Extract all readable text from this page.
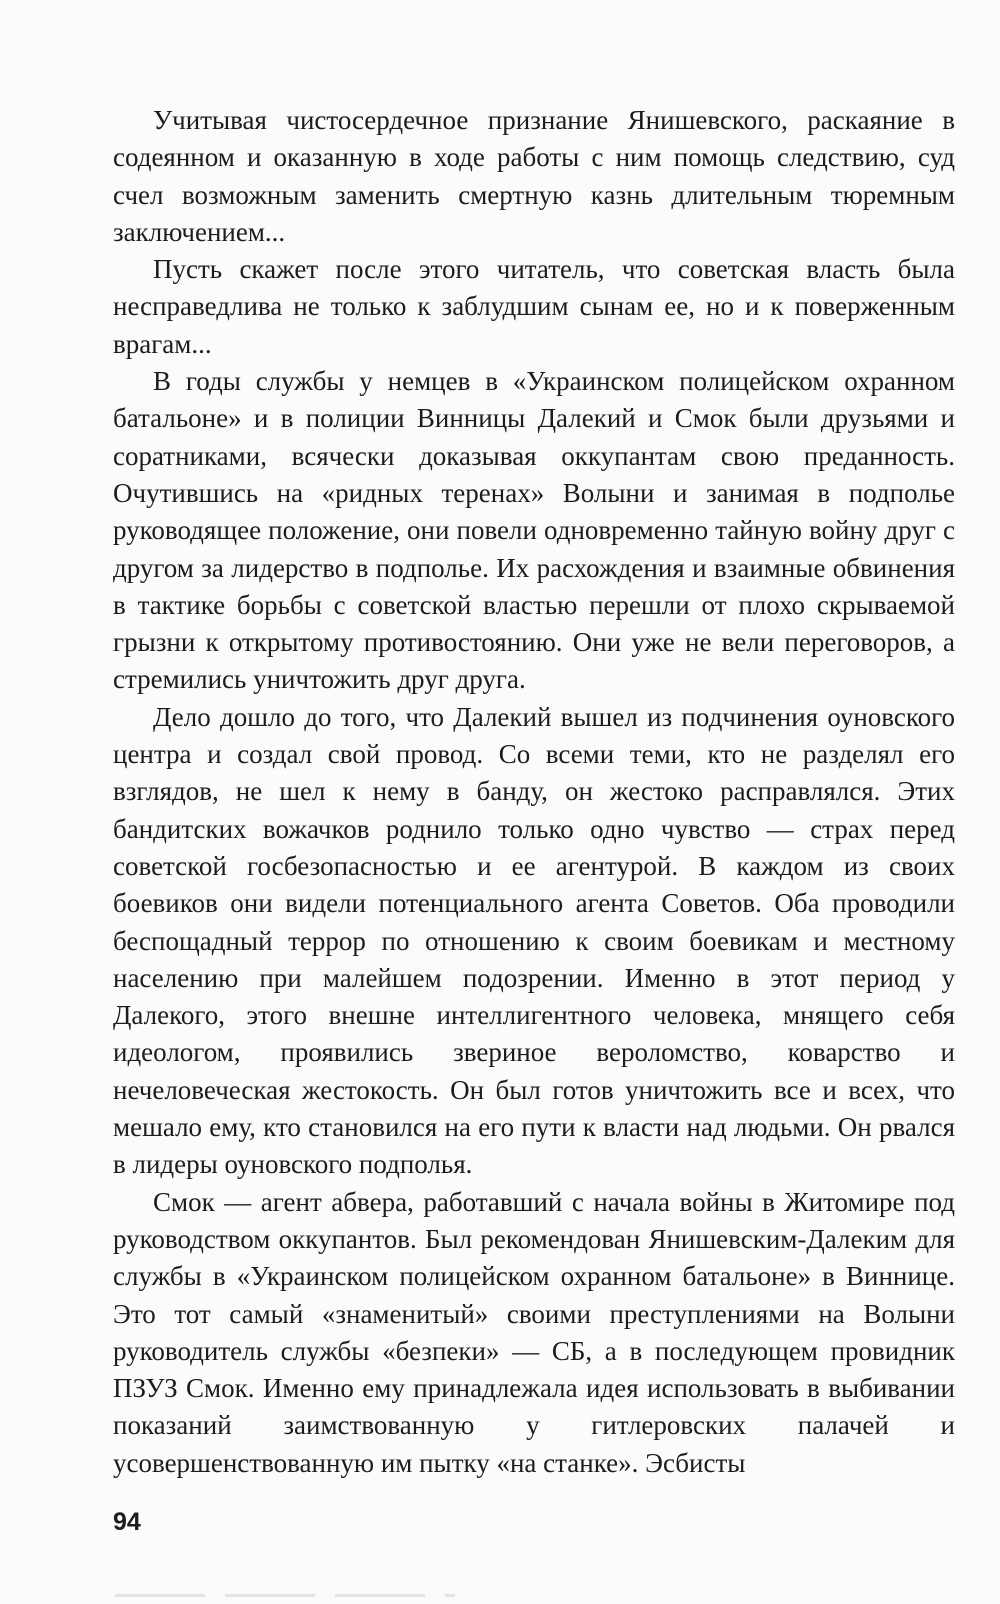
Учитывая чистосердечное признание Янишевского, раскаяние в содеянном и оказанную в ходе работы с ним помощь следствию, суд счел возможным заменить смертную казнь длительным тюремным заключением...

Пусть скажет после этого читатель, что советская власть была несправедлива не только к заблудшим сынам ее, но и к поверженным врагам...

В годы службы у немцев в «Украинском полицейском охранном батальоне» и в полиции Винницы Далекий и Смок были друзьями и соратниками, всячески доказывая оккупантам свою преданность. Очутившись на «ридных теренах» Волыни и занимая в подполье руководящее положение, они повели одновременно тайную войну друг с другом за лидерство в подполье. Их расхождения и взаимные обвинения в тактике борьбы с советской властью перешли от плохо скрываемой грызни к открытому противостоянию. Они уже не вели переговоров, а стремились уничтожить друг друга.

Дело дошло до того, что Далекий вышел из подчинения оуновского центра и создал свой провод. Со всеми теми, кто не разделял его взглядов, не шел к нему в банду, он жестоко расправлялся. Этих бандитских вожачков роднило только одно чувство — страх перед советской госбезопасностью и ее агентурой. В каждом из своих боевиков они видели потенциального агента Советов. Оба проводили беспощадный террор по отношению к своим боевикам и местному населению при малейшем подозрении. Именно в этот период у Далекого, этого внешне интеллигентного человека, мнящего себя идеологом, проявились звериное вероломство, коварство и нечеловеческая жестокость. Он был готов уничтожить все и всех, что мешало ему, кто становился на его пути к власти над людьми. Он рвался в лидеры оуновского подполья.

Смок — агент абвера, работавший с начала войны в Житомире под руководством оккупантов. Был рекомендован Янишевским-Далеким для службы в «Украинском полицейском охранном батальоне» в Виннице. Это тот самый «знаменитый» своими преступлениями на Волыни руководитель службы «безпеки» — СБ, а в последующем провидник ПЗУЗ Смок. Именно ему принадлежала идея использовать в выбивании показаний заимствованную у гитлеровских палачей и усовершенствованную им пытку «на станке». Эсбисты

94
